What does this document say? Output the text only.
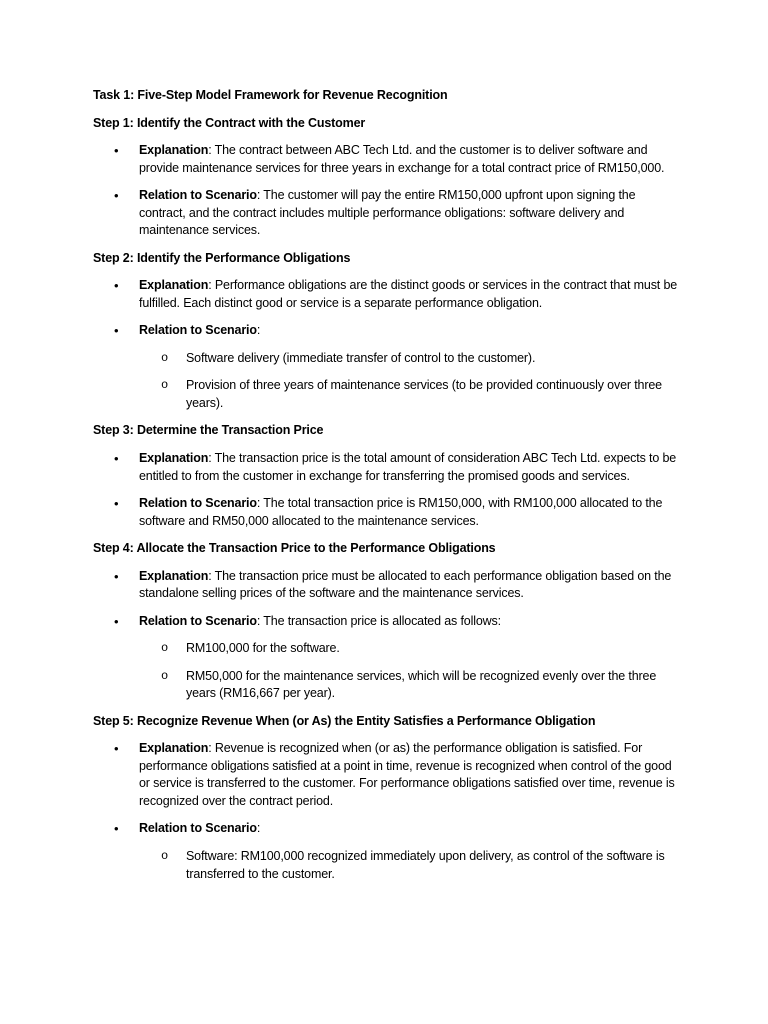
Task 1: Five-Step Model Framework for Revenue Recognition
Step 1: Identify the Contract with the Customer
• Explanation: The contract between ABC Tech Ltd. and the customer is to deliver software and provide maintenance services for three years in exchange for a total contract price of RM150,000.
• Relation to Scenario: The customer will pay the entire RM150,000 upfront upon signing the contract, and the contract includes multiple performance obligations: software delivery and maintenance services.
Step 2: Identify the Performance Obligations
• Explanation: Performance obligations are the distinct goods or services in the contract that must be fulfilled. Each distinct good or service is a separate performance obligation.
• Relation to Scenario:
o Software delivery (immediate transfer of control to the customer).
o Provision of three years of maintenance services (to be provided continuously over three years).
Step 3: Determine the Transaction Price
• Explanation: The transaction price is the total amount of consideration ABC Tech Ltd. expects to be entitled to from the customer in exchange for transferring the promised goods and services.
• Relation to Scenario: The total transaction price is RM150,000, with RM100,000 allocated to the software and RM50,000 allocated to the maintenance services.
Step 4: Allocate the Transaction Price to the Performance Obligations
• Explanation: The transaction price must be allocated to each performance obligation based on the standalone selling prices of the software and the maintenance services.
• Relation to Scenario: The transaction price is allocated as follows:
o RM100,000 for the software.
o RM50,000 for the maintenance services, which will be recognized evenly over the three years (RM16,667 per year).
Step 5: Recognize Revenue When (or As) the Entity Satisfies a Performance Obligation
• Explanation: Revenue is recognized when (or as) the performance obligation is satisfied. For performance obligations satisfied at a point in time, revenue is recognized when control of the good or service is transferred to the customer. For performance obligations satisfied over time, revenue is recognized over the contract period.
• Relation to Scenario:
o Software: RM100,000 recognized immediately upon delivery, as control of the software is transferred to the customer.
